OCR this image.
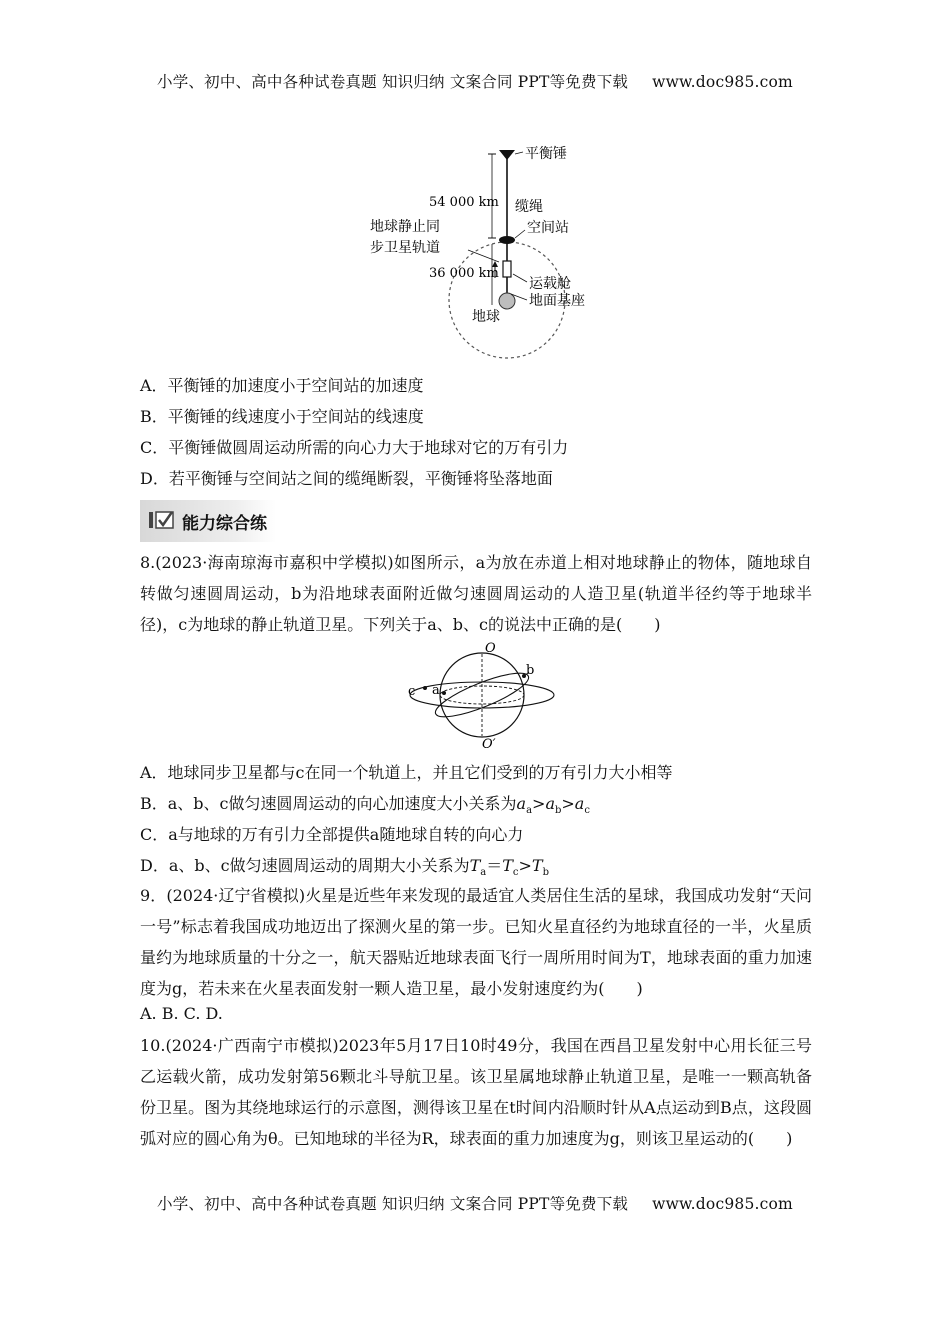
小学、初中、高中各种试卷真题 知识归纳 文案合同 PPT等免费下载 www.doc985.com
平衡锤
54 000 km 缆绳
空间站
地球静止同
步卫星轨道
36 000 km
运载舱
地面基座
地球
A．平衡锤的加速度小于空间站的加速度
B．平衡锤的线速度小于空间站的线速度
C．平衡锤做圆周运动所需的向心力大于地球对它的万有引力
D．若平衡锤与空间站之间的缆绳断裂，平衡锤将坠落地面
能力综合练
8.(2023·海南琼海市嘉积中学模拟)如图所示，a为放在赤道上相对地球静止的物体，随地球自转做匀速圆周运动，b为沿地球表面附近做匀速圆周运动的人造卫星(轨道半径约等于地球半径)，c为地球的静止轨道卫星。下列关于a、b、c的说法中正确的是(　　)
O
O′
c a
b
A．地球同步卫星都与c在同一个轨道上，并且它们受到的万有引力大小相等
B．a、b、c做匀速圆周运动的向心加速度大小关系为$a_a>a_b>a_c$
C．a与地球的万有引力全部提供a随地球自转的向心力
D．a、b、c做匀速圆周运动的周期大小关系为$T_a=T_c>T_b$
9．(2024·辽宁省模拟)火星是近些年来发现的最适宜人类居住生活的星球，我国成功发射“天问一号”标志着我国成功地迈出了探测火星的第一步。已知火星直径约为地球直径的一半，火星质量约为地球质量的十分之一，航天器贴近地球表面飞行一周所用时间为T，地球表面的重力加速度为g，若未来在火星表面发射一颗人造卫星，最小发射速度约为(　　)
A. B. C. D.
10.(2024·广西南宁市模拟)2023年5月17日10时49分，我国在西昌卫星发射中心用长征三号乙运载火箭，成功发射第56颗北斗导航卫星。该卫星属地球静止轨道卫星，是唯一一颗高轨备份卫星。图为其绕地球运行的示意图，测得该卫星在t时间内沿顺时针从A点运动到B点，这段圆弧对应的圆心角为θ。已知地球的半径为R，球表面的重力加速度为g，则该卫星运动的(　　)
小学、初中、高中各种试卷真题 知识归纳 文案合同 PPT等免费下载 www.doc985.com
